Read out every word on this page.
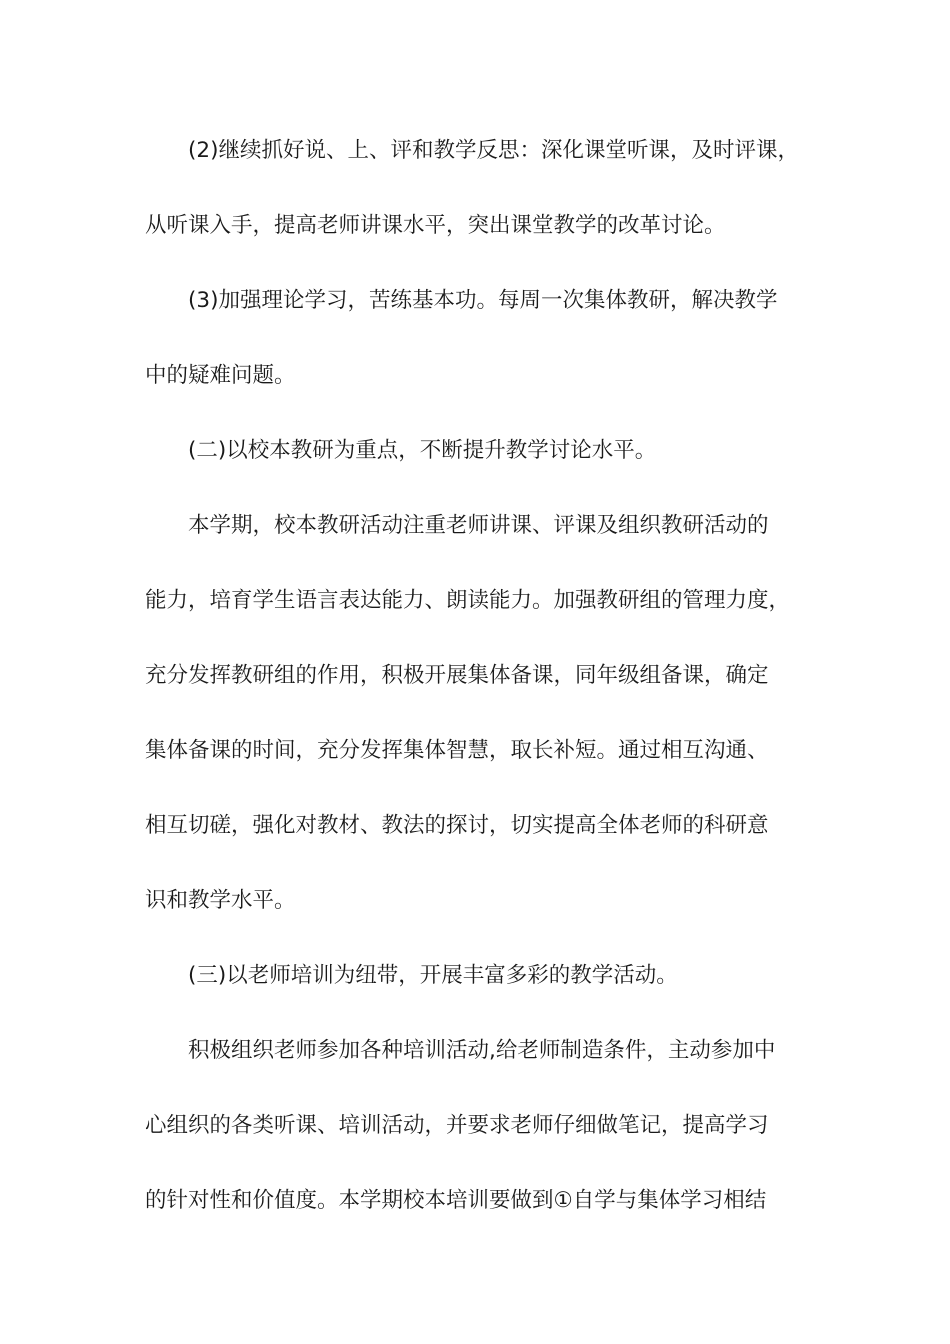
(2)继续抓好说、上、评和教学反思：深化课堂听课，及时评课，
从听课入手，提高老师讲课水平，突出课堂教学的改革讨论。
(3)加强理论学习，苦练基本功。每周一次集体教研，解决教学
中的疑难问题。
(二)以校本教研为重点，不断提升教学讨论水平。
本学期，校本教研活动注重老师讲课、评课及组织教研活动的
能力，培育学生语言表达能力、朗读能力。加强教研组的管理力度，
充分发挥教研组的作用，积极开展集体备课，同年级组备课，确定
集体备课的时间，充分发挥集体智慧，取长补短。通过相互沟通、
相互切磋，强化对教材、教法的探讨，切实提高全体老师的科研意
识和教学水平。
(三)以老师培训为纽带，开展丰富多彩的教学活动。
积极组织老师参加各种培训活动,给老师制造条件，主动参加中
心组织的各类听课、培训活动，并要求老师仔细做笔记，提高学习
的针对性和价值度。本学期校本培训要做到①自学与集体学习相结
